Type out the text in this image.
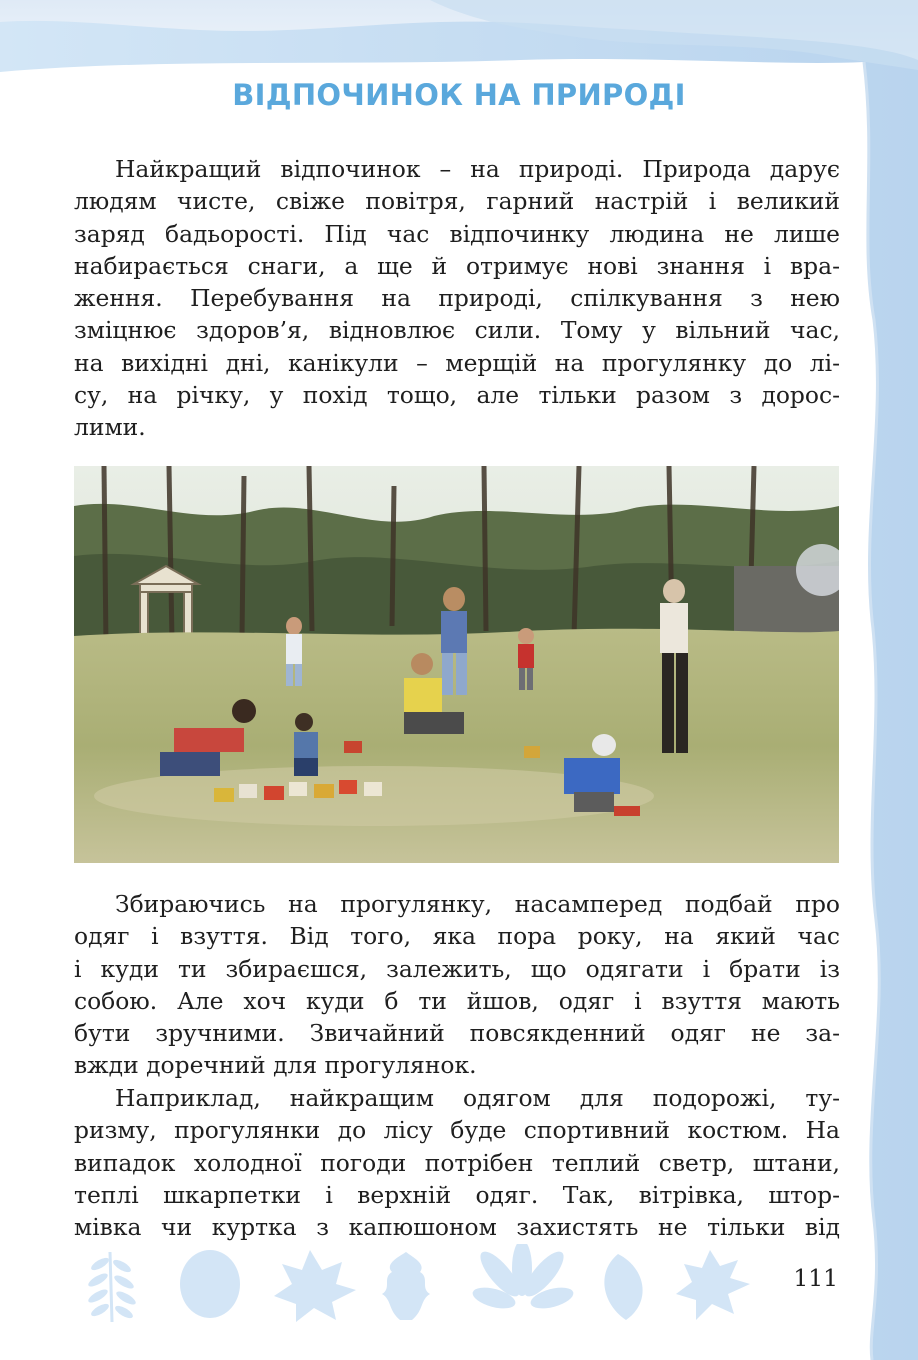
ВІДПОЧИНОК НА ПРИРОДІ

Найкращий відпочинок – на природі. Природа дарує
людям чисте, свіже повітря, гарний настрій і великий
заряд бадьорості. Під час відпочинку людина не лише
набирається снаги, а ще й отримує нові знання і вра-
ження. Перебування на природі, спілкування з нею
зміцнює здоров’я, відновлює сили. Тому у вільний час,
на вихідні дні, канікули – мерщій на прогулянку до лі-
су, на річку, у похід тощо, але тільки разом з дорос-
лими.

Збираючись на прогулянку, насамперед подбай про
одяг і взуття. Від того, яка пора року, на який час
і куди ти збираєшся, залежить, що одягати і брати із
собою. Але хоч куди б ти йшов, одяг і взуття мають
бути зручними. Звичайний повсякденний одяг не за-
вжди доречний для прогулянок.

Наприклад, найкращим одягом для подорожі, ту-
ризму, прогулянки до лісу буде спортивний костюм. На
випадок холодної погоди потрібен теплий светр, штани,
теплі шкарпетки і верхній одяг. Так, вітрівка, штор-
мівка чи куртка з капюшоном захистять не тільки від

111
